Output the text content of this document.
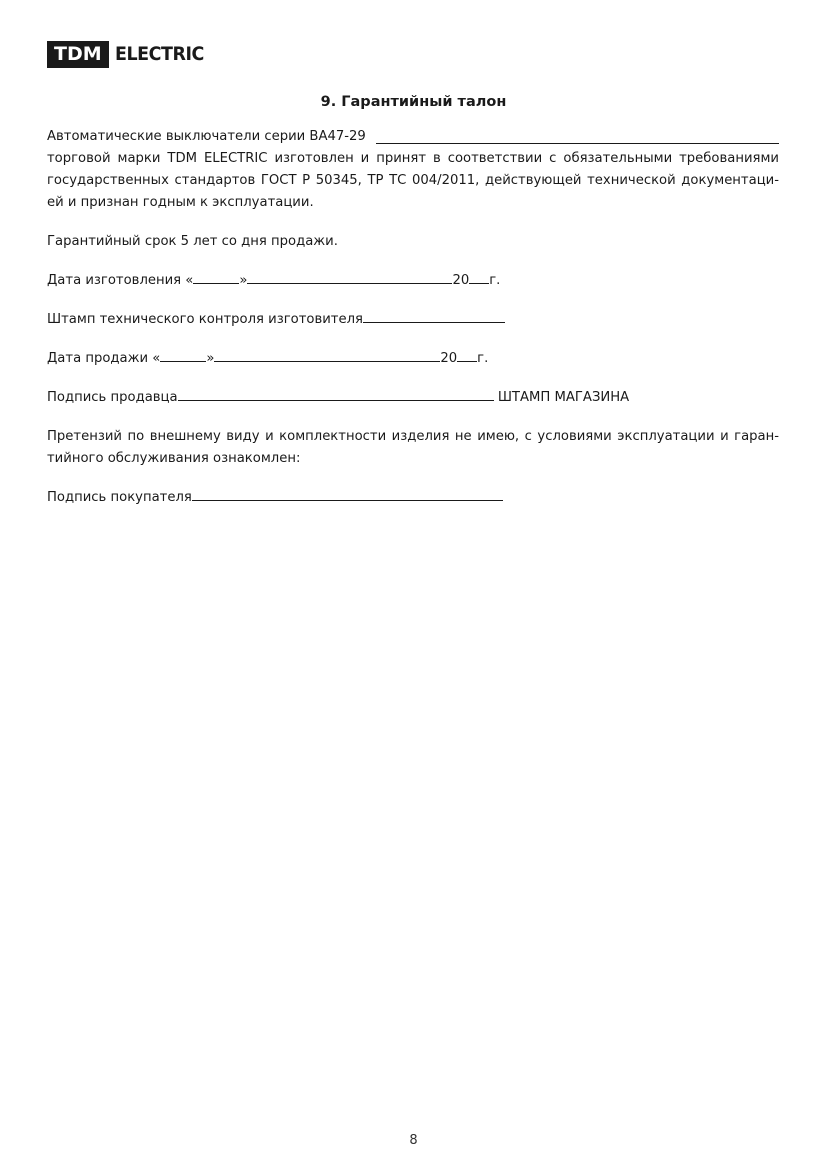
TDM ELECTRIC
9. Гарантийный талон
Автоматические выключатели серии ВА47-29
торговой марки TDM ELECTRIC изготовлен и принят в соответствии с обязательными требованиями
государственных стандартов ГОСТ Р 50345, ТР ТС 004/2011, действующей технической документаци-
ей и признан годным к эксплуатации.
Гарантийный срок 5 лет со дня продажи.
Дата изготовления «	»	20 г.
Штамп технического контроля изготовителя
Дата продажи «	»	20 г.
Подпись продавца	ШТАМП МАГАЗИНА
Претензий по внешнему виду и комплектности изделия не имею, с условиями эксплуатации и гаран-
тийного обслуживания ознакомлен:
Подпись покупателя
8
